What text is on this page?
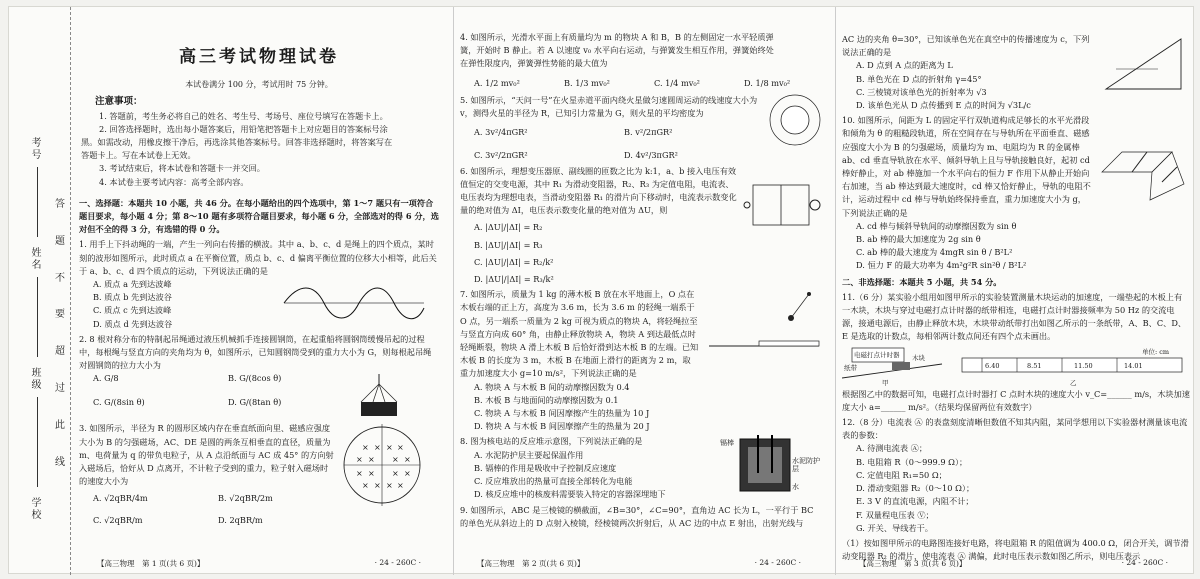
考号
姓名
班级
学校
答
题
不
要
超
过
此
线
高三考试物理试卷
本试卷满分 100 分，考试用时 75 分钟。
注意事项：
1. 答题前，考生务必将自己的姓名、考生号、考场号、座位号填写在答题卡上。
2. 回答选择题时，选出每小题答案后，用铅笔把答题卡上对应题目的答案标号涂
黑。如需改动，用橡皮擦干净后，再选涂其他答案标号。回答非选择题时，将答案写在
答题卡上。写在本试卷上无效。
3. 考试结束后，将本试卷和答题卡一并交回。
4. 本试卷主要考试内容：高考全部内容。
一、选择题：本题共 10 小题，共 46 分。在每小题给出的四个选项中，第 1～7 题只有一项符合题目要求，每小题 4 分；第 8～10 题有多项符合题目要求，每小题 6 分，全部选对的得 6 分，选对但不全的得 3 分，有选错的得 0 分。
1. 用手上下抖动绳的一端，产生一列向右传播的横波。其中 a、b、c、d 是绳上的四个质点，某时刻的波形如图所示，此时质点 a 在平衡位置，质点 b、c、d 偏离平衡位置的位移大小相等，此后关于 a、b、c、d 四个质点的运动，下列说法正确的是
A. 质点 a 先到达波峰
B. 质点 b 先到达波谷
C. 质点 c 先到达波峰
D. 质点 d 先到达波谷
2. 8 根对称分布的特制起吊绳通过液压机械抓手连接圆钢筒，在起重船将圆钢筒缓慢吊起的过程中，每根绳与竖直方向的夹角均为 θ，如图所示，已知圆钢筒受到的重力大小为 G，则每根起吊绳对圆钢筒的拉力大小为
A. G/8	B. G/(8cos θ)
C. G/(8sin θ)	D. G/(8tan θ)
3. 如图所示，半径为 R 的圆形区域内存在垂直纸面向里、磁感应强度大小为 B 的匀强磁场，AC、DE 是圆的两条互相垂直的直径，质量为 m、电荷量为 q 的带负电粒子，从 A 点沿纸面与 AC 成 45° 的方向射入磁场后，恰好从 D 点离开，不计粒子受到的重力，粒子射入磁场时的速度大小为
A. √2qBR/4m	B. √2qBR/2m
C. √2qBR/m	D. 2qBR/m
× × × ×
× × × ×
× × × ×
× × × ×
【高三物理　第 1 页(共 6 页)】	· 24 - 260C ·
4. 如图所示，光滑水平面上有质量均为 m 的物块 A 和 B，B 的左侧固定一水平轻质弹簧，开始时 B 静止。若 A 以速度 v₀ 水平向右运动，与弹簧发生相互作用，弹簧始终处在弹性限度内，弹簧弹性势能的最大值为
A. 1/2 mv₀²	B. 1/3 mv₀²	C. 1/4 mv₀²	D. 1/8 mv₀²
5. 如图所示，“天问一号”在火星赤道平面内绕火星做匀速圆周运动的线速度大小为 v，测得火星的半径为 R，已知引力常量为 G，则火星的平均密度为
A. 3v²/4πGR²	B. v²/2πGR²
C. 3v²/2πGR²	D. 4v²/3πGR²
6. 如图所示，理想变压器原、副线圈的匝数之比为 k:1，a、b 接入电压有效值恒定的交变电源，其中 R₁ 为滑动变阻器，R₂、R₃ 为定值电阻，电流表、电压表均为理想电表，当滑动变阻器 R₁ 的滑片向下移动时，电流表示数变化量的绝对值为 ΔI，电压表示数变化量的绝对值为 ΔU，则
A. |ΔU|/|ΔI| = R₂
B. |ΔU|/|ΔI| = R₃
C. |ΔU|/|ΔI| = R₂/k²
D. |ΔU|/|ΔI| = R₃/k²
7. 如图所示，质量为 1 kg 的薄木板 B 放在水平地面上，O 点在木板右端的正上方，高度为 3.6 m，长为 3.6 m 的轻绳一端系于 O 点，另一端系一质量为 2 kg 可视为质点的物块 A，将轻绳拉至与竖直方向成 60° 角，由静止释放物块 A，物块 A 到达最低点时轻绳断裂，物块 A 滑上木板 B 后恰好滑到达木板 B 的左端。已知木板 B 的长度为 3 m，木板 B 在地面上滑行的距离为 2 m，取重力加速度大小 g=10 m/s²，下列说法正确的是
A. 物块 A 与木板 B 间的动摩擦因数为 0.4
B. 木板 B 与地面间的动摩擦因数为 0.1
C. 物块 A 与木板 B 间因摩擦产生的热量为 10 J
D. 物块 A 与木板 B 间因摩擦产生的热量为 20 J
8. 图为核电站的反应堆示意图，下列说法正确的是
A. 水泥防护层主要起保温作用
B. 镉棒的作用是吸收中子控制反应速度
C. 反应堆放出的热量可直接全部转化为电能
D. 核反应堆中的核废料需要装入特定的容器深埋地下
镉棒
水泥防护层
水
9. 如图所示，ABC 是三棱镜的横截面，∠B=30°，∠C=90°，直角边 AC 长为 L，一平行于 BC 的单色光从斜边上的 D 点射入棱镜，经棱镜两次折射后，从 AC 边的中点 E 射出，出射光线与
【高三物理　第 2 页(共 6 页)】	· 24 - 260C ·
AC 边的夹角 θ=30°，已知该单色光在真空中的传播速度为 c，下列说法正确的是
A. D 点到 A 点的距离为 L
B. 单色光在 D 点的折射角 γ=45°
C. 三棱镜对该单色光的折射率为 √3
D. 该单色光从 D 点传播到 E 点的时间为 √3L/c
10. 如图所示，间距为 L 的固定平行双轨道构成足够长的水平光滑段和倾角为 θ 的粗糙段轨道，所在空间存在与导轨所在平面垂直、磁感应强度大小为 B 的匀强磁场，质量均为 m、电阻均为 R 的金属棒 ab、cd 垂直导轨放在水平、倾斜导轨上且与导轨接触良好，起初 cd 棒好静止，对 ab 棒施加一个水平向右的恒力 F 作用下从静止开始向右加速，当 ab 棒达到最大速度时，cd 棒又恰好静止，导轨的电阻不计，运动过程中 cd 棒与导轨始终保持垂直，重力加速度大小为 g，下列说法正确的是
A. cd 棒与倾斜导轨间的动摩擦因数为 sin θ
B. ab 棒的最大加速度为 2g sin θ
C. ab 棒的最大速度为 4mgR sin θ / B²L²
D. 恒力 F 的最大功率为 4m²g²R sin²θ / B²L²
二、非选择题：本题共 5 小题，共 54 分。
11.（6 分）某实验小组用如图甲所示的实验装置测量木块运动的加速度，一端垫起的木板上有一木块，木块与穿过电磁打点计时器的纸带相连，电磁打点计时器接频率为 50 Hz 的交流电源，接通电源后，由静止释放木块，木块带动纸带打出如图乙所示的一条纸带，A、B、C、D、E 是选取的计数点，每相邻两计数点间还有四个点未画出。
电磁打点计时器
纸带
木块
甲	乙
6.40	8.51	11.50	14.01
单位: cm
根据图乙中的数据可知，电磁打点计时器打 C 点时木块的速度大小 v_C=______ m/s，木块加速度大小 a=______ m/s²。（结果均保留两位有效数字）
12.（8 分）电流表 Ⓐ 的表盘刻度清晰但数值不知其内阻，某同学想用以下实验器材测量该电流表的参数：
A. 待测电流表 Ⓐ；
B. 电阻箱 R（0～999.9 Ω）；
C. 定值电阻 R₁=50 Ω；
D. 滑动变阻器 R₂（0～10 Ω）；
E. 3 V 的直流电源，内阻不计；
F. 双量程电压表 Ⓥ；
G. 开关、导线若干。
（1）按如图甲所示的电路图连接好电路，将电阻箱 R 的阻值调为 400.0 Ω，闭合开关，调节滑动变阻器 R₂ 的滑片，使电流表 Ⓐ 满偏，此时电压表示数如图乙所示，则电压表示
【高三物理　第 3 页(共 6 页)】	· 24 - 260C ·
